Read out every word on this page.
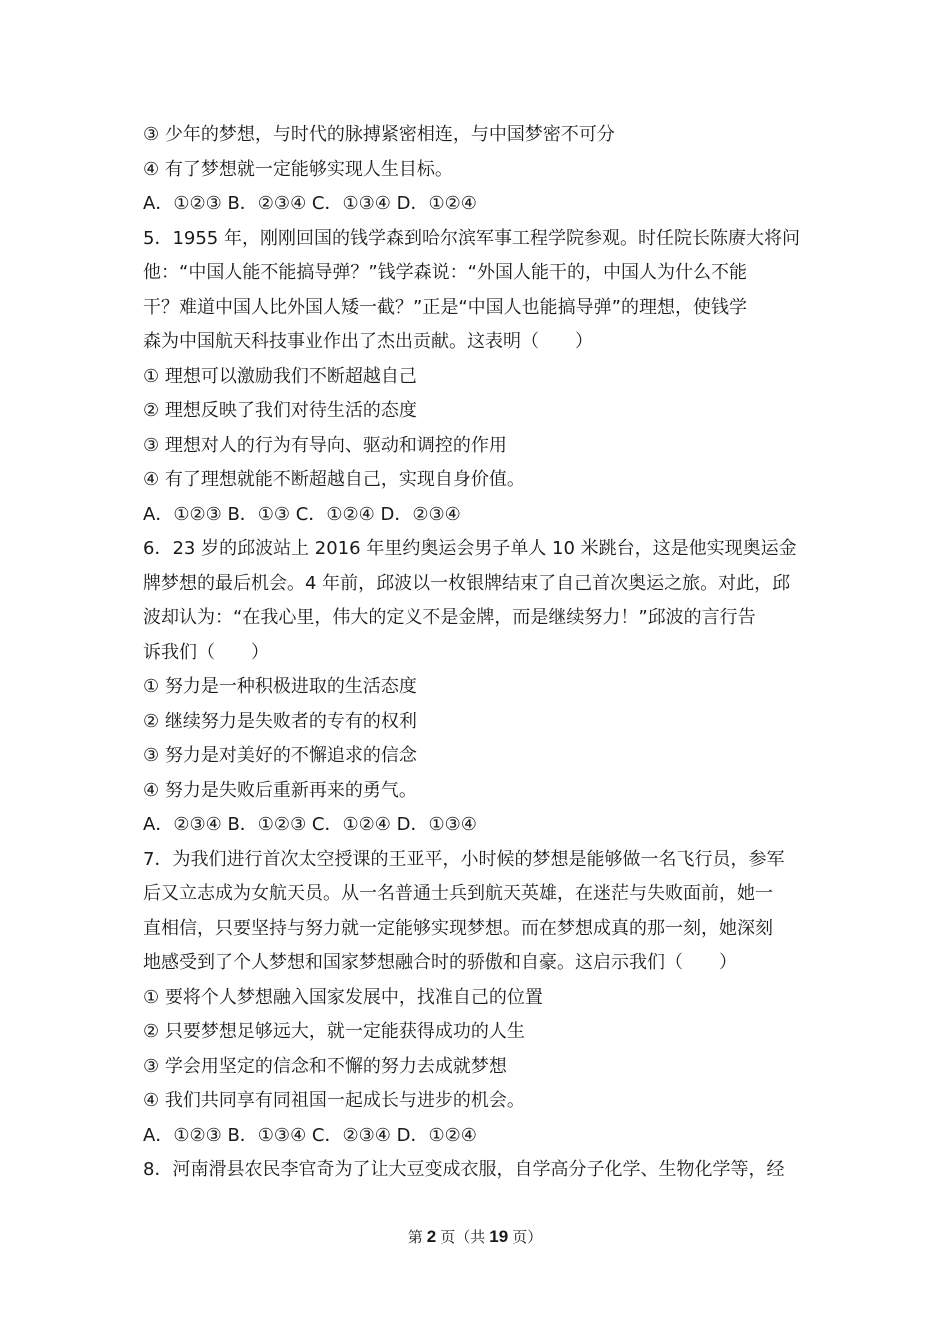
③ 少年的梦想，与时代的脉搏紧密相连，与中国梦密不可分
④ 有了梦想就一定能够实现人生目标。
A．①②③ B．②③④ C．①③④ D．①②④
5．1955 年，刚刚回国的钱学森到哈尔滨军事工程学院参观。时任院长陈赓大将问
他：“中国人能不能搞导弹？”钱学森说：“外国人能干的，中国人为什么不能
干？难道中国人比外国人矮一截？”正是“中国人也能搞导弹”的理想，使钱学
森为中国航天科技事业作出了杰出贡献。这表明（　　）
① 理想可以激励我们不断超越自己
② 理想反映了我们对待生活的态度
③ 理想对人的行为有导向、驱动和调控的作用
④ 有了理想就能不断超越自己，实现自身价值。
A．①②③ B．①③ C．①②④ D．②③④
6．23 岁的邱波站上 2016 年里约奥运会男子单人 10 米跳台，这是他实现奥运金
牌梦想的最后机会。4 年前，邱波以一枚银牌结束了自己首次奥运之旅。对此，邱
波却认为：“在我心里，伟大的定义不是金牌，而是继续努力！”邱波的言行告
诉我们（　　）
① 努力是一种积极进取的生活态度
② 继续努力是失败者的专有的权利
③ 努力是对美好的不懈追求的信念
④ 努力是失败后重新再来的勇气。
A．②③④ B．①②③ C．①②④ D．①③④
7．为我们进行首次太空授课的王亚平，小时候的梦想是能够做一名飞行员，参军
后又立志成为女航天员。从一名普通士兵到航天英雄，在迷茫与失败面前，她一
直相信，只要坚持与努力就一定能够实现梦想。而在梦想成真的那一刻，她深刻
地感受到了个人梦想和国家梦想融合时的骄傲和自豪。这启示我们（　　）
① 要将个人梦想融入国家发展中，找准自己的位置
② 只要梦想足够远大，就一定能获得成功的人生
③ 学会用坚定的信念和不懈的努力去成就梦想
④ 我们共同享有同祖国一起成长与进步的机会。
A．①②③ B．①③④ C．②③④ D．①②④
8．河南滑县农民李官奇为了让大豆变成衣服，自学高分子化学、生物化学等，经
第 2 页（共 19 页）
